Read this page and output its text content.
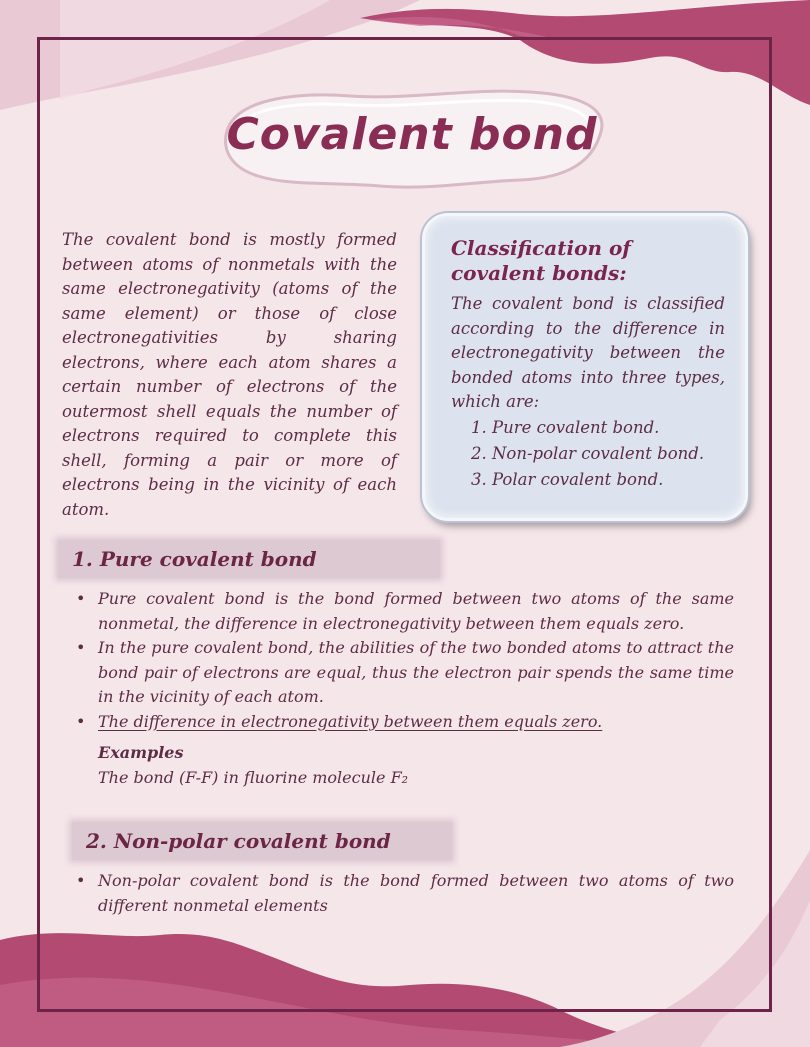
Covalent bond
The covalent bond is mostly formed between atoms of nonmetals with the same electronegativity (atoms of the same element) or those of close electronegativities by sharing electrons, where each atom shares a certain number of electrons of the outermost shell equals the number of electrons required to complete this shell, forming a pair or more of electrons being in the vicinity of each atom.
Classification of covalent bonds:
The covalent bond is classified according to the difference in electronegativity between the bonded atoms into three types, which are:
1. Pure covalent bond.
2. Non-polar covalent bond.
3. Polar covalent bond.
1. Pure covalent bond
• Pure covalent bond is the bond formed between two atoms of the same nonmetal, the difference in electronegativity between them equals zero.
• In the pure covalent bond, the abilities of the two bonded atoms to attract the bond pair of electrons are equal, thus the electron pair spends the same time in the vicinity of each atom.
• The difference in electronegativity between them equals zero.
Examples
The bond (F-F) in fluorine molecule F₂
2. Non-polar covalent bond
• Non-polar covalent bond is the bond formed between two atoms of two different nonmetal elements
